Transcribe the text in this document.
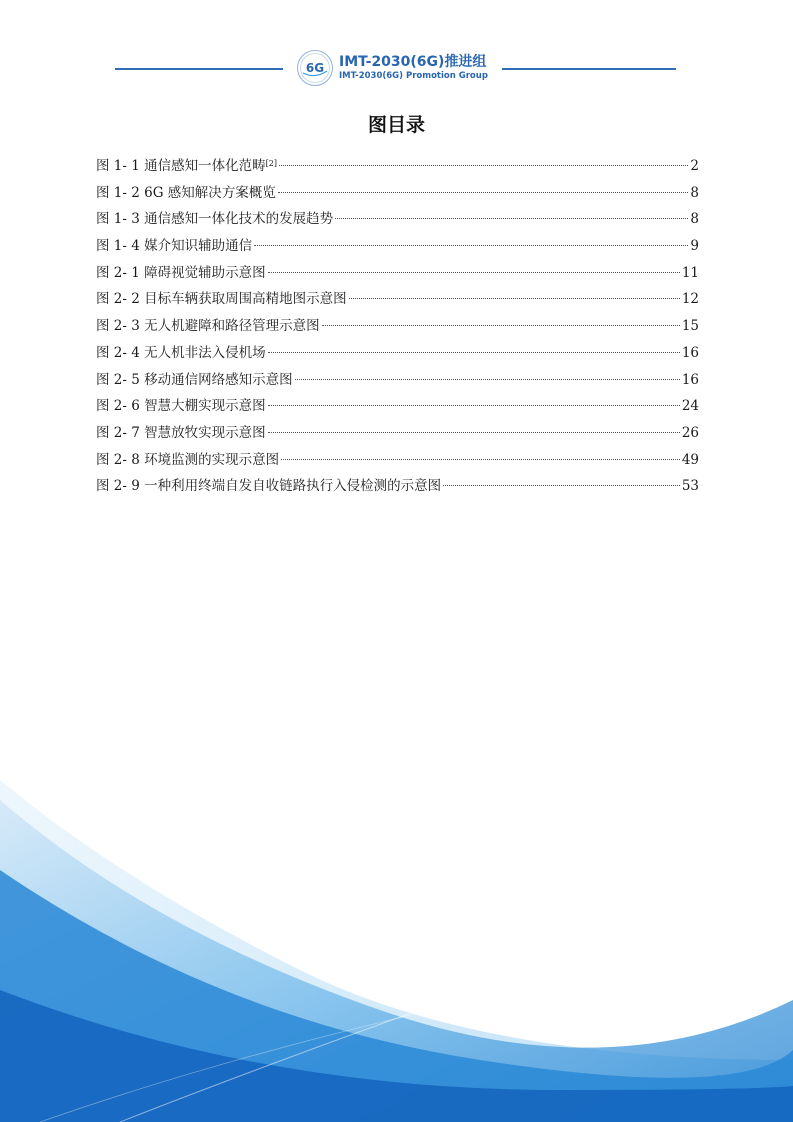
6G IMT-2030(6G)推进组
IMT-2030(6G) Promotion Group
图目录
图 1- 1 通信感知一体化范畴[2]	2
图 1- 2 6G 感知解决方案概览	8
图 1- 3 通信感知一体化技术的发展趋势	8
图 1- 4 媒介知识辅助通信	9
图 2- 1 障碍视觉辅助示意图	11
图 2- 2 目标车辆获取周围高精地图示意图	12
图 2- 3 无人机避障和路径管理示意图	15
图 2- 4 无人机非法入侵机场	16
图 2- 5 移动通信网络感知示意图	16
图 2- 6 智慧大棚实现示意图	24
图 2- 7 智慧放牧实现示意图	26
图 2- 8 环境监测的实现示意图	49
图 2- 9 一种利用终端自发自收链路执行入侵检测的示意图	53
